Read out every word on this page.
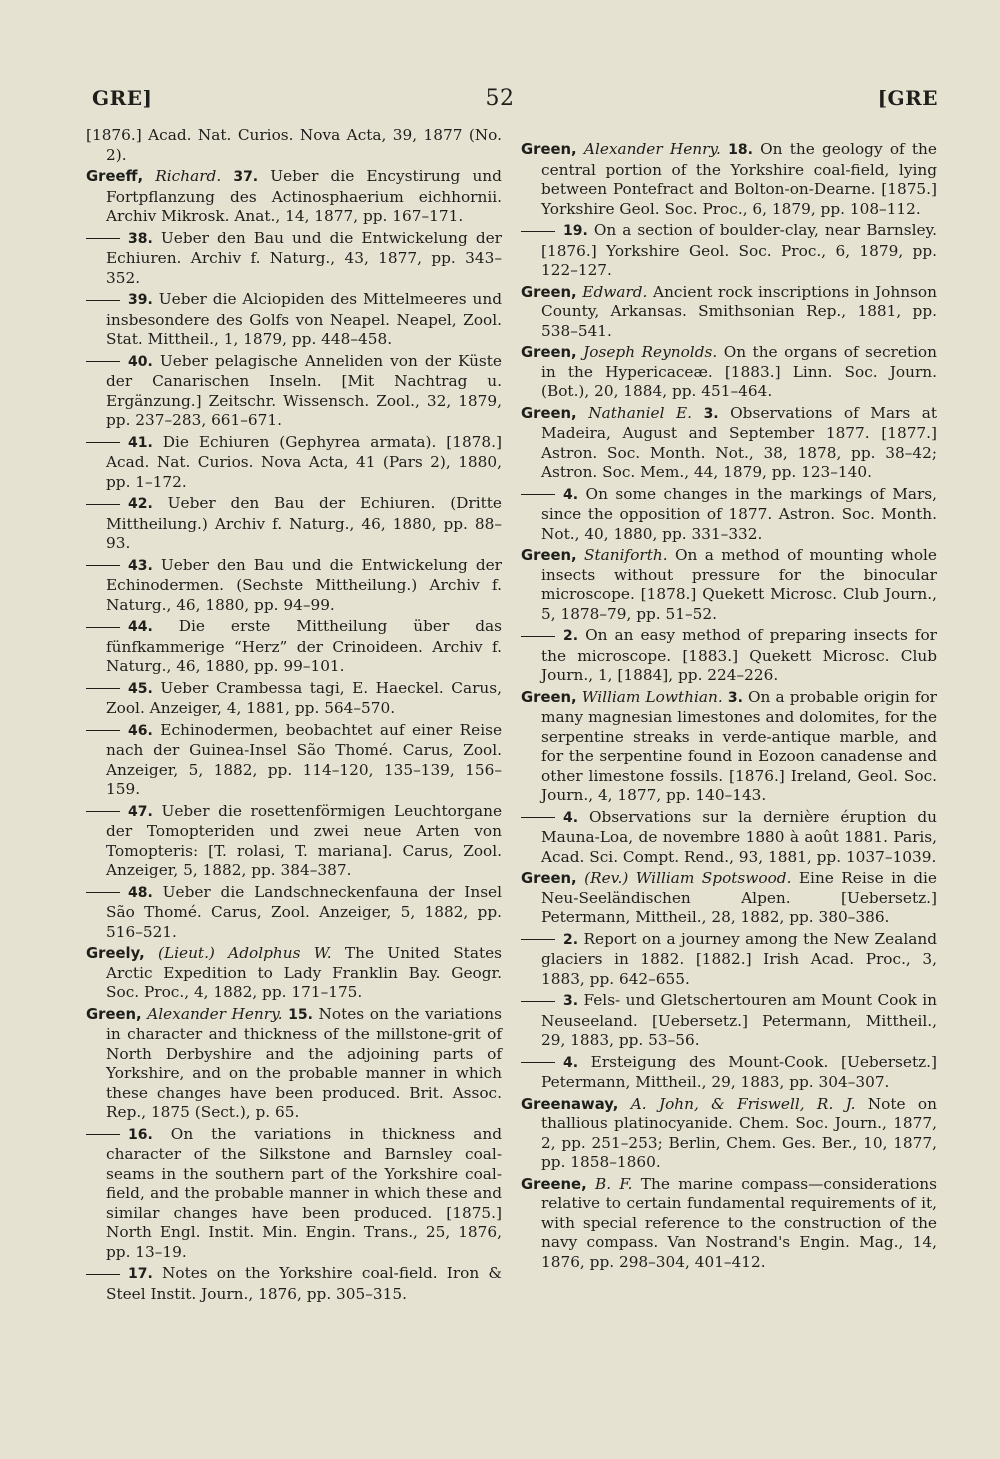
GRE]	52	[GRE

[1876.] Acad. Nat. Curios. Nova Acta, 39, 1877 (No. 2).

Greeff, Richard. 37. Ueber die Encystirung und Fortpflanzung des Actinosphaerium eichhornii. Archiv Mikrosk. Anat., 14, 1877, pp. 167–171.

38. Ueber den Bau und die Entwickelung der Echiuren. Archiv f. Naturg., 43, 1877, pp. 343–352.

39. Ueber die Alciopiden des Mittelmeeres und insbesondere des Golfs von Neapel. Neapel, Zool. Stat. Mittheil., 1, 1879, pp. 448–458.

40. Ueber pelagische Anneliden von der Küste der Canarischen Inseln. [Mit Nachtrag u. Ergänzung.] Zeitschr. Wissensch. Zool., 32, 1879, pp. 237–283, 661–671.

41. Die Echiuren (Gephyrea armata). [1878.] Acad. Nat. Curios. Nova Acta, 41 (Pars 2), 1880, pp. 1–172.

42. Ueber den Bau der Echiuren. (Dritte Mittheilung.) Archiv f. Naturg., 46, 1880, pp. 88–93.

43. Ueber den Bau und die Entwickelung der Echinodermen. (Sechste Mittheilung.) Archiv f. Naturg., 46, 1880, pp. 94–99.

44. Die erste Mittheilung über das fünfkammerige “Herz” der Crinoideen. Archiv f. Naturg., 46, 1880, pp. 99–101.

45. Ueber Crambessa tagi, E. Haeckel. Carus, Zool. Anzeiger, 4, 1881, pp. 564–570.

46. Echinodermen, beobachtet auf einer Reise nach der Guinea-Insel São Thomé. Carus, Zool. Anzeiger, 5, 1882, pp. 114–120, 135–139, 156–159.

47. Ueber die rosettenförmigen Leuchtorgane der Tomopteriden und zwei neue Arten von Tomopteris: [T. rolasi, T. mariana]. Carus, Zool. Anzeiger, 5, 1882, pp. 384–387.

48. Ueber die Landschneckenfauna der Insel São Thomé. Carus, Zool. Anzeiger, 5, 1882, pp. 516–521.

Greely, (Lieut.) Adolphus W. The United States Arctic Expedition to Lady Franklin Bay. Geogr. Soc. Proc., 4, 1882, pp. 171–175.

Green, Alexander Henry. 15. Notes on the variations in character and thickness of the millstone-grit of North Derbyshire and the adjoining parts of Yorkshire, and on the probable manner in which these changes have been produced. Brit. Assoc. Rep., 1875 (Sect.), p. 65.

16. On the variations in thickness and character of the Silkstone and Barnsley coal-seams in the southern part of the Yorkshire coal-field, and the probable manner in which these and similar changes have been produced. [1875.] North Engl. Instit. Min. Engin. Trans., 25, 1876, pp. 13–19.

17. Notes on the Yorkshire coal-field. Iron & Steel Instit. Journ., 1876, pp. 305–315.

Green, Alexander Henry. 18. On the geology of the central portion of the Yorkshire coal-field, lying between Pontefract and Bolton-on-Dearne. [1875.] Yorkshire Geol. Soc. Proc., 6, 1879, pp. 108–112.

19. On a section of boulder-clay, near Barnsley. [1876.] Yorkshire Geol. Soc. Proc., 6, 1879, pp. 122–127.

Green, Edward. Ancient rock inscriptions in Johnson County, Arkansas. Smithsonian Rep., 1881, pp. 538–541.

Green, Joseph Reynolds. On the organs of secretion in the Hypericaceæ. [1883.] Linn. Soc. Journ. (Bot.), 20, 1884, pp. 451–464.

Green, Nathaniel E. 3. Observations of Mars at Madeira, August and September 1877. [1877.] Astron. Soc. Month. Not., 38, 1878, pp. 38–42; Astron. Soc. Mem., 44, 1879, pp. 123–140.

4. On some changes in the markings of Mars, since the opposition of 1877. Astron. Soc. Month. Not., 40, 1880, pp. 331–332.

Green, Staniforth. On a method of mounting whole insects without pressure for the binocular microscope. [1878.] Quekett Microsc. Club Journ., 5, 1878–79, pp. 51–52.

2. On an easy method of preparing insects for the microscope. [1883.] Quekett Microsc. Club Journ., 1, [1884], pp. 224–226.

Green, William Lowthian. 3. On a probable origin for many magnesian limestones and dolomites, for the serpentine streaks in verde-antique marble, and for the serpentine found in Eozoon canadense and other limestone fossils. [1876.] Ireland, Geol. Soc. Journ., 4, 1877, pp. 140–143.

4. Observations sur la dernière éruption du Mauna-Loa, de novembre 1880 à août 1881. Paris, Acad. Sci. Compt. Rend., 93, 1881, pp. 1037–1039.

Green, (Rev.) William Spotswood. Eine Reise in die Neu-Seeländischen Alpen. [Uebersetz.] Petermann, Mittheil., 28, 1882, pp. 380–386.

2. Report on a journey among the New Zealand glaciers in 1882. [1882.] Irish Acad. Proc., 3, 1883, pp. 642–655.

3. Fels- und Gletschertouren am Mount Cook in Neuseeland. [Uebersetz.] Petermann, Mittheil., 29, 1883, pp. 53–56.

4. Ersteigung des Mount-Cook. [Uebersetz.] Petermann, Mittheil., 29, 1883, pp. 304–307.

Greenaway, A. John, & Friswell, R. J. Note on thallious platinocyanide. Chem. Soc. Journ., 1877, 2, pp. 251–253; Berlin, Chem. Ges. Ber., 10, 1877, pp. 1858–1860.

Greene, B. F. The marine compass—considerations relative to certain fundamental requirements of it, with special reference to the construction of the navy compass. Van Nostrand's Engin. Mag., 14, 1876, pp. 298–304, 401–412.
